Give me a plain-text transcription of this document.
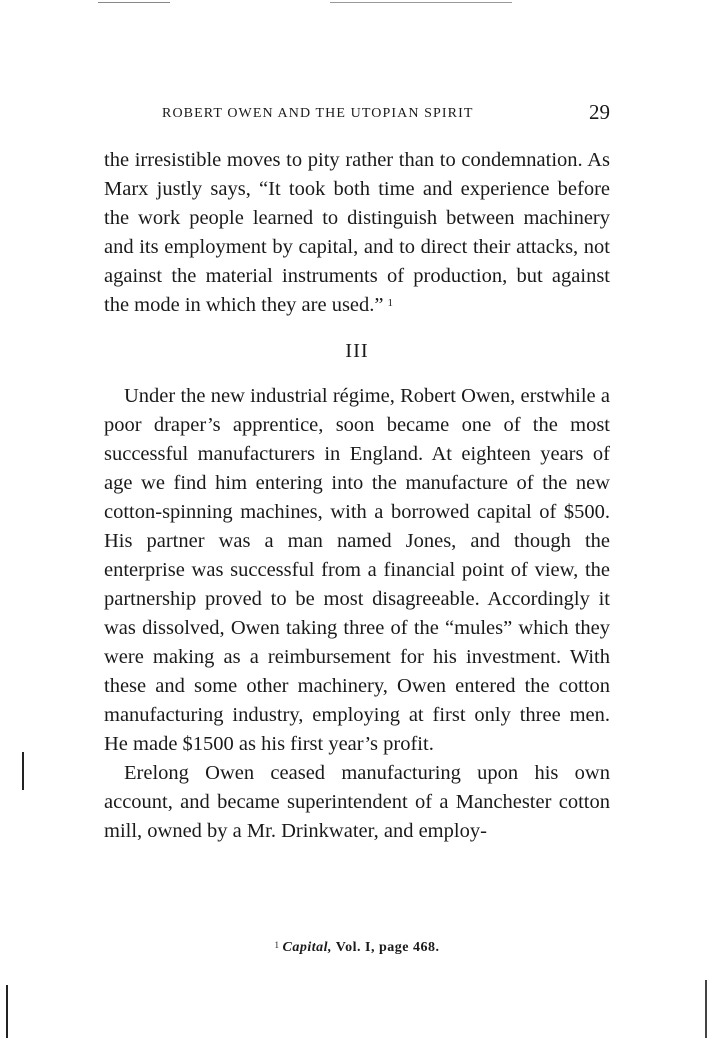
ROBERT OWEN AND THE UTOPIAN SPIRIT	29

the irresistible moves to pity rather than to condemnation. As Marx justly says, “It took both time and experience before the work people learned to distinguish between machinery and its employment by capital, and to direct their attacks, not against the material instruments of production, but against the mode in which they are used.” $^1$

III

Under the new industrial régime, Robert Owen, erstwhile a poor draper’s apprentice, soon became one of the most successful manufacturers in England. At eighteen years of age we find him entering into the manufacture of the new cotton-spinning machines, with a borrowed capital of $500. His partner was a man named Jones, and though the enterprise was successful from a financial point of view, the partnership proved to be most disagreeable. Accordingly it was dissolved, Owen taking three of the “mules” which they were making as a reimbursement for his investment. With these and some other machinery, Owen entered the cotton manufacturing industry, employing at first only three men. He made $1500 as his first year’s profit.

Erelong Owen ceased manufacturing upon his own account, and became superintendent of a Manchester cotton mill, owned by a Mr. Drinkwater, and employ-

$^1$ Capital, Vol. I, page 468.
